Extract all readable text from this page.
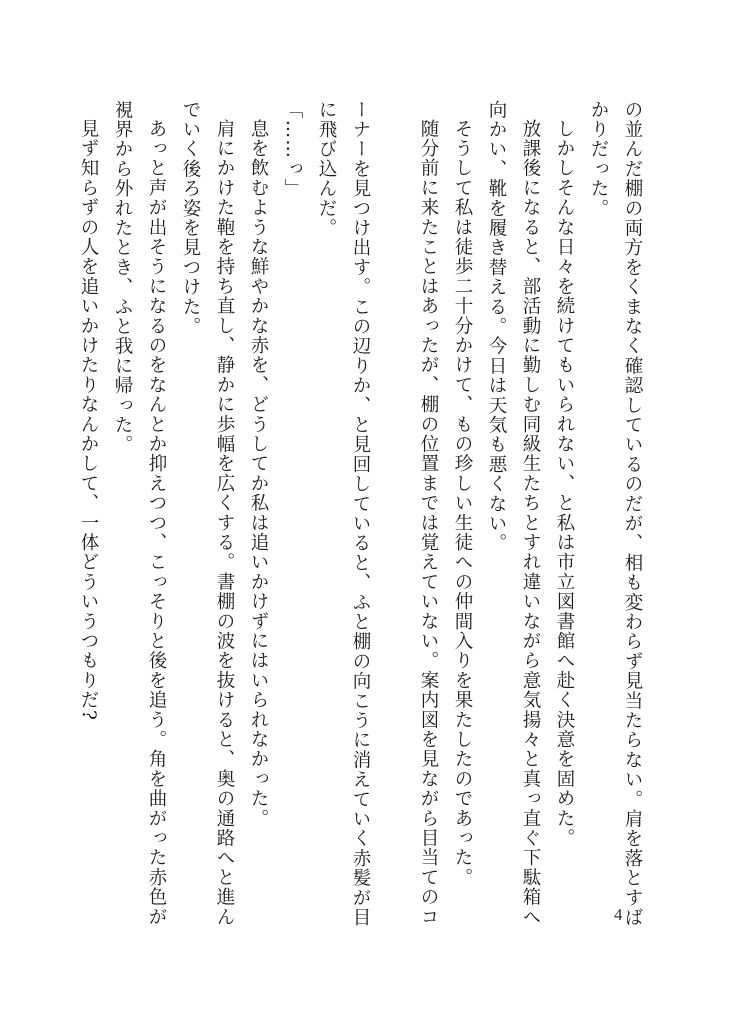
の並んだ棚の両方をくまなく確認しているのだが、相も変わらず見当たらない。肩を落とすば
かりだった。
しかしそんな日々を続けてもいられない、と私は市立図書館へ赴く決意を固めた。
放課後になると、部活動に勤しむ同級生たちとすれ違いながら意気揚々と真っ直ぐ下駄箱へ
向かい、靴を履き替える。今日は天気も悪くない。
そうして私は徒歩二十分かけて、もの珍しい生徒への仲間入りを果たしたのであった。
随分前に来たことはあったが、棚の位置までは覚えていない。案内図を見ながら目当てのコ
ーナーを見つけ出す。この辺りか、と見回していると、ふと棚の向こうに消えていく赤髪が目
に飛び込んだ。
「……っ」
息を飲むような鮮やかな赤を、どうしてか私は追いかけずにはいられなかった。
肩にかけた鞄を持ち直し、静かに歩幅を広くする。書棚の波を抜けると、奥の通路へと進ん
でいく後ろ姿を見つけた。
あっと声が出そうになるのをなんとか抑えつつ、こっそりと後を追う。角を曲がった赤色が
視界から外れたとき、ふと我に帰った。
見ず知らずの人を追いかけたりなんかして、一体どういうつもりだ?
4
